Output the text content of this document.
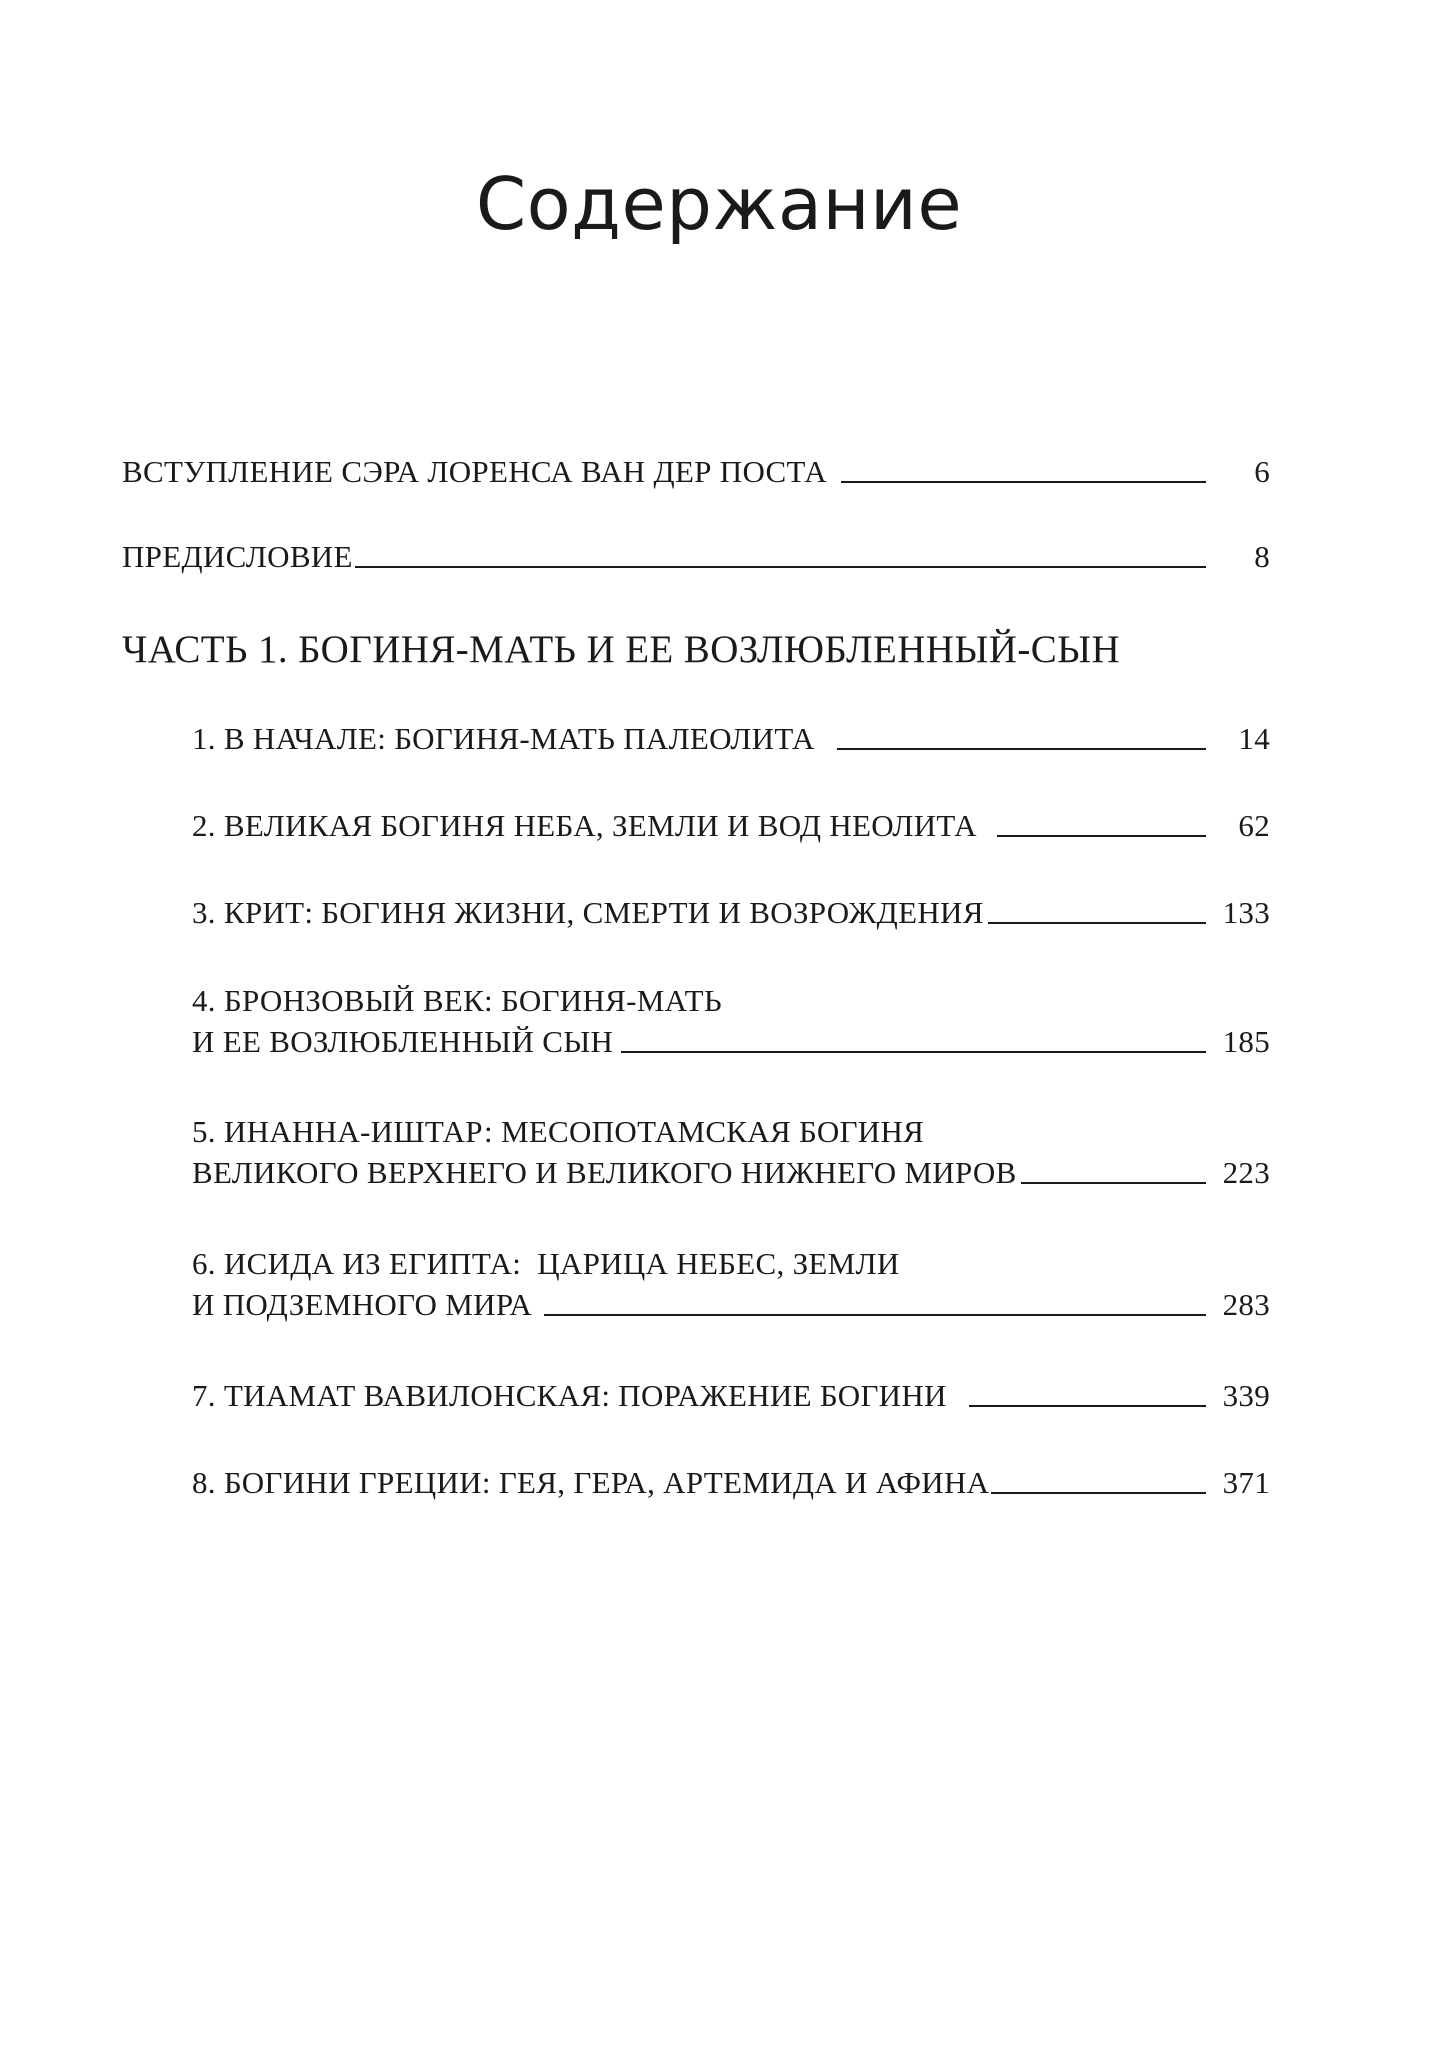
Содержание
ВСТУПЛЕНИЕ СЭРА ЛОРЕНСА ВАН ДЕР ПОСТА	6
ПРЕДИСЛОВИЕ	8
ЧАСТЬ 1. БОГИНЯ-МАТЬ И ЕЕ ВОЗЛЮБЛЕННЫЙ-СЫН
1. В НАЧАЛЕ: БОГИНЯ-МАТЬ ПАЛЕОЛИТА	14
2. ВЕЛИКАЯ БОГИНЯ НЕБА, ЗЕМЛИ И ВОД НЕОЛИТА	62
3. КРИТ: БОГИНЯ ЖИЗНИ, СМЕРТИ И ВОЗРОЖДЕНИЯ	133
4. БРОНЗОВЫЙ ВЕК: БОГИНЯ-МАТЬ
И ЕЕ ВОЗЛЮБЛЕННЫЙ СЫН	185
5. ИНАННА-ИШТАР: МЕСОПОТАМСКАЯ БОГИНЯ
ВЕЛИКОГО ВЕРХНЕГО И ВЕЛИКОГО НИЖНЕГО МИРОВ	223
6. ИСИДА ИЗ ЕГИПТА:  ЦАРИЦА НЕБЕС, ЗЕМЛИ
И ПОДЗЕМНОГО МИРА	283
7. ТИАМАТ ВАВИЛОНСКАЯ: ПОРАЖЕНИЕ БОГИНИ	339
8. БОГИНИ ГРЕЦИИ: ГЕЯ, ГЕРА, АРТЕМИДА И АФИНА	371
